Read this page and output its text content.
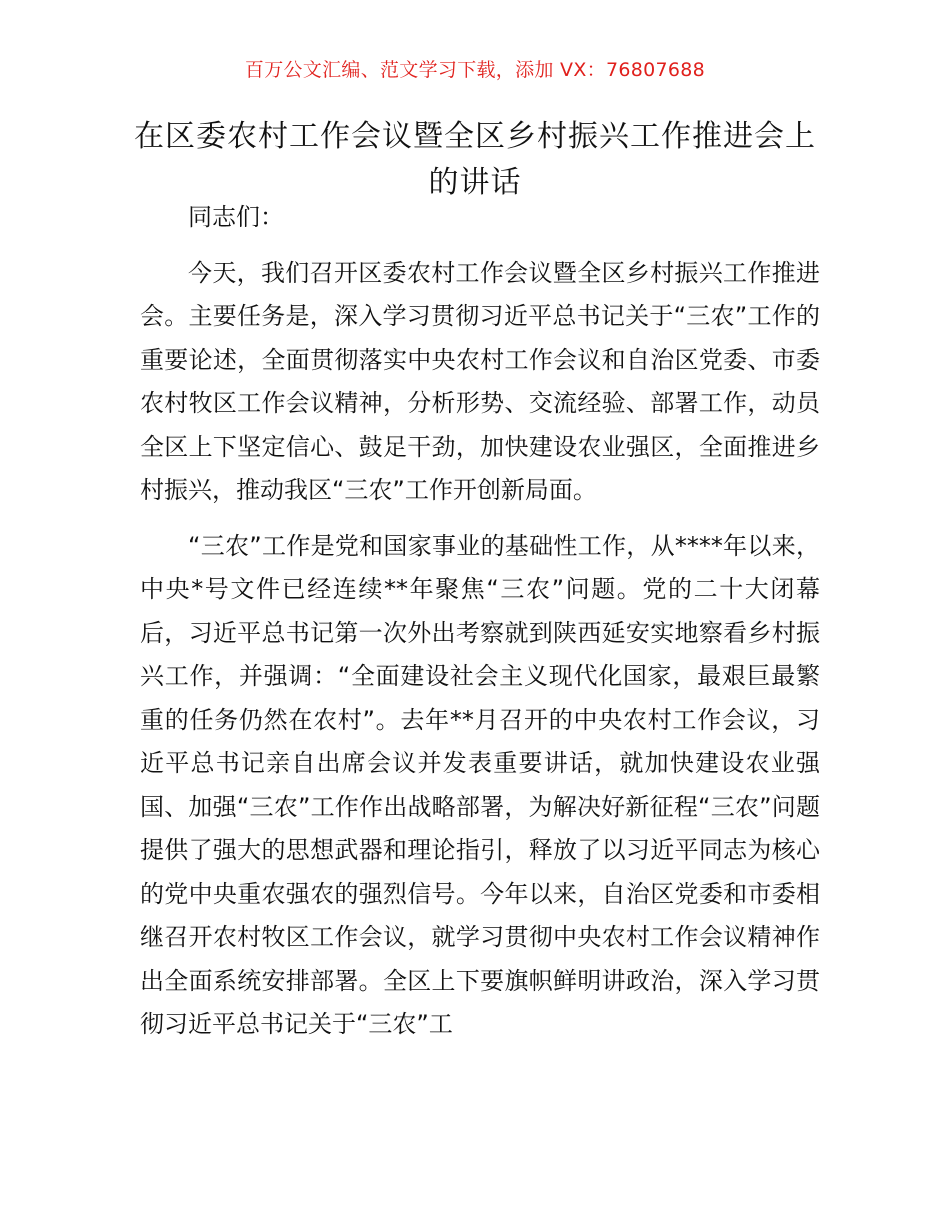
百万公文汇编、范文学习下载，添加 VX：76807688
在区委农村工作会议暨全区乡村振兴工作推进会上的讲话

同志们：

今天，我们召开区委农村工作会议暨全区乡村振兴工作推进会。主要任务是，深入学习贯彻习近平总书记关于“三农”工作的重要论述，全面贯彻落实中央农村工作会议和自治区党委、市委农村牧区工作会议精神，分析形势、交流经验、部署工作，动员全区上下坚定信心、鼓足干劲，加快建设农业强区，全面推进乡村振兴，推动我区“三农”工作开创新局面。

“三农”工作是党和国家事业的基础性工作，从****年以来，中央*号文件已经连续**年聚焦“三农”问题。党的二十大闭幕后，习近平总书记第一次外出考察就到陕西延安实地察看乡村振兴工作，并强调：“全面建设社会主义现代化国家，最艰巨最繁重的任务仍然在农村”。去年**月召开的中央农村工作会议，习近平总书记亲自出席会议并发表重要讲话，就加快建设农业强国、加强“三农”工作作出战略部署，为解决好新征程“三农”问题提供了强大的思想武器和理论指引，释放了以习近平同志为核心的党中央重农强农的强烈信号。今年以来，自治区党委和市委相继召开农村牧区工作会议，就学习贯彻中央农村工作会议精神作出全面系统安排部署。全区上下要旗帜鲜明讲政治，深入学习贯彻习近平总书记关于“三农”工
